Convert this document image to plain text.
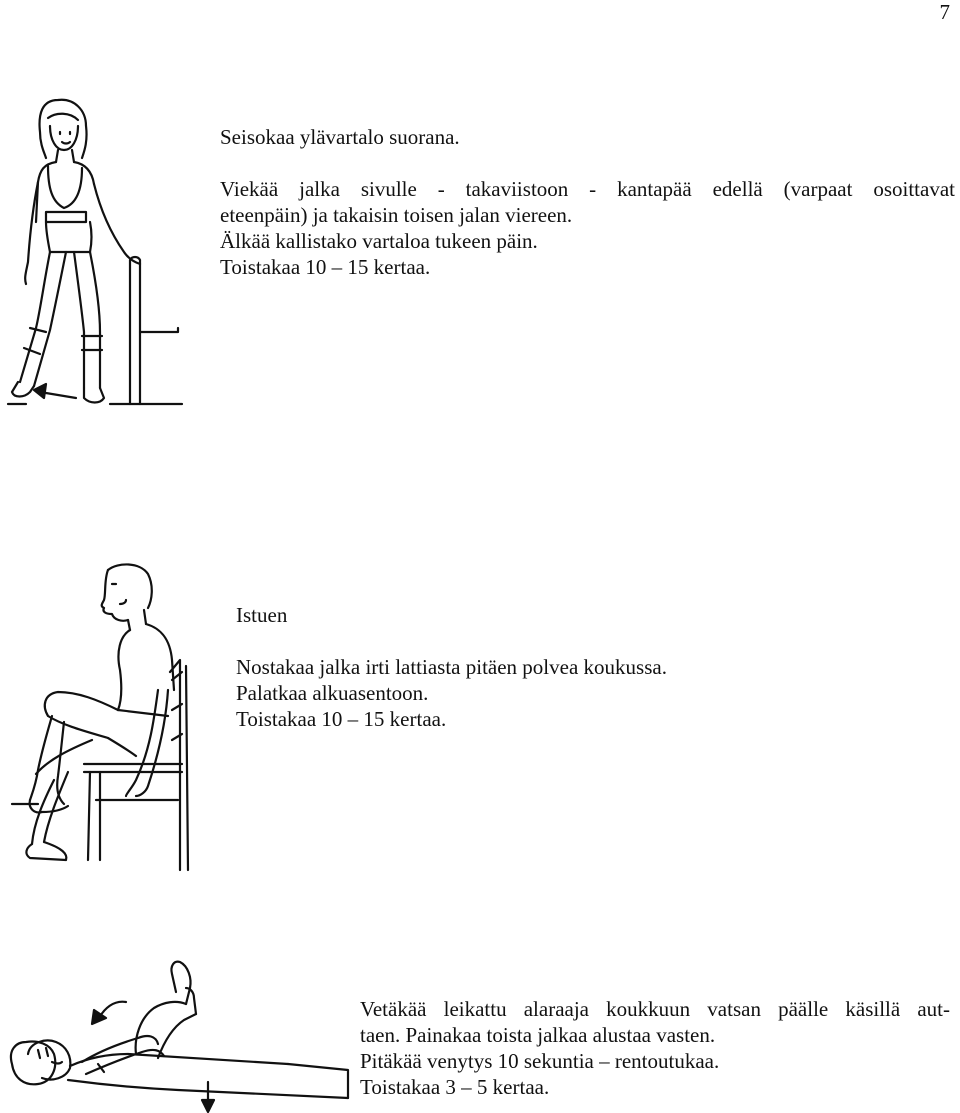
7

Seisokaa ylävartalo suorana.

Viekää jalka sivulle - takaviistoon - kantapää edellä (varpaat osoittavat

eteenpäin) ja takaisin toisen jalan viereen.

Älkää kallistako vartaloa tukeen päin.

Toistakaa 10 – 15 kertaa.

Istuen

Nostakaa jalka irti lattiasta pitäen polvea koukussa.

Palatkaa alkuasentoon.

Toistakaa 10 – 15 kertaa.

Vetäkää leikattu alaraaja koukkuun vatsan päälle käsillä aut-

taen. Painakaa toista jalkaa alustaa vasten.

Pitäkää venytys 10 sekuntia – rentoutukaa.

Toistakaa 3 – 5 kertaa.
